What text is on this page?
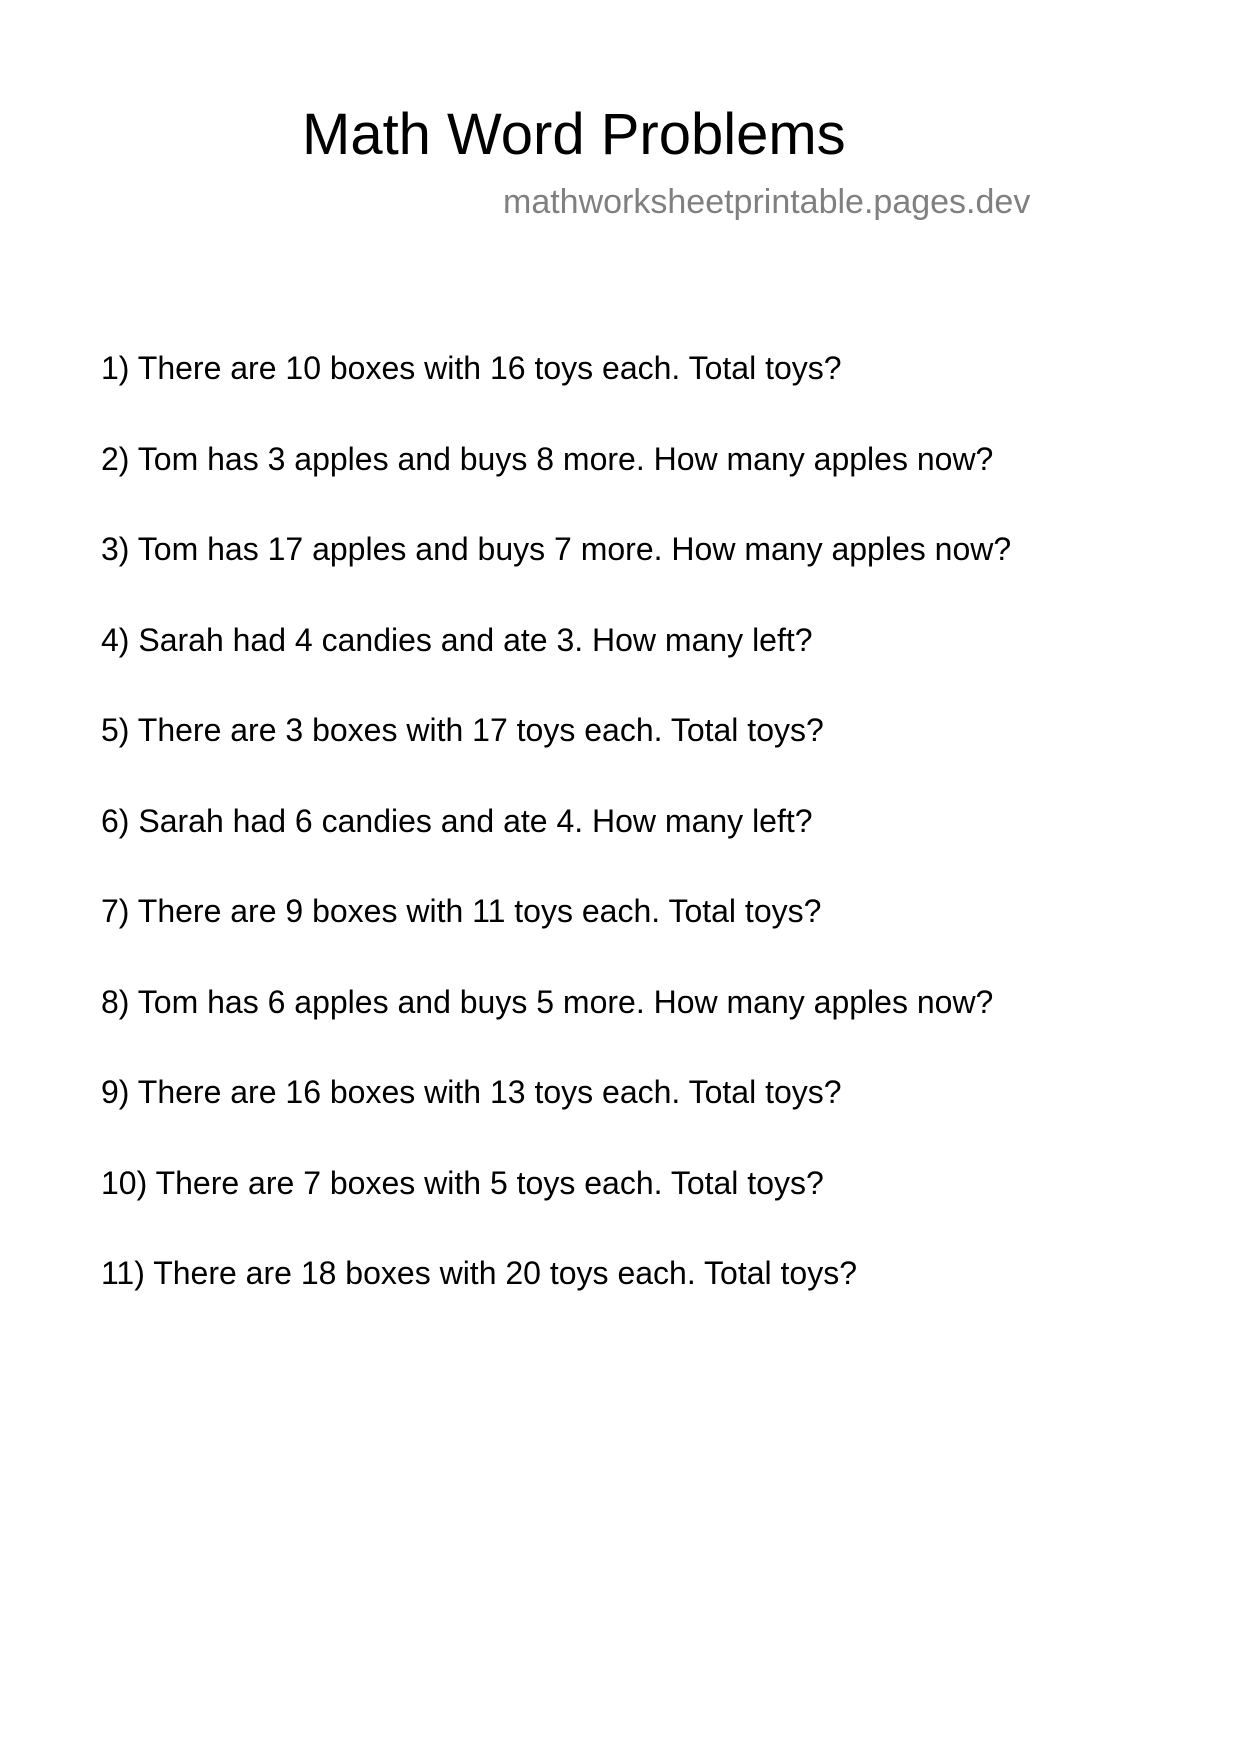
Math Word Problems
mathworksheetprintable.pages.dev
1) There are 10 boxes with 16 toys each. Total toys?
2) Tom has 3 apples and buys 8 more. How many apples now?
3) Tom has 17 apples and buys 7 more. How many apples now?
4) Sarah had 4 candies and ate 3. How many left?
5) There are 3 boxes with 17 toys each. Total toys?
6) Sarah had 6 candies and ate 4. How many left?
7) There are 9 boxes with 11 toys each. Total toys?
8) Tom has 6 apples and buys 5 more. How many apples now?
9) There are 16 boxes with 13 toys each. Total toys?
10) There are 7 boxes with 5 toys each. Total toys?
11) There are 18 boxes with 20 toys each. Total toys?
